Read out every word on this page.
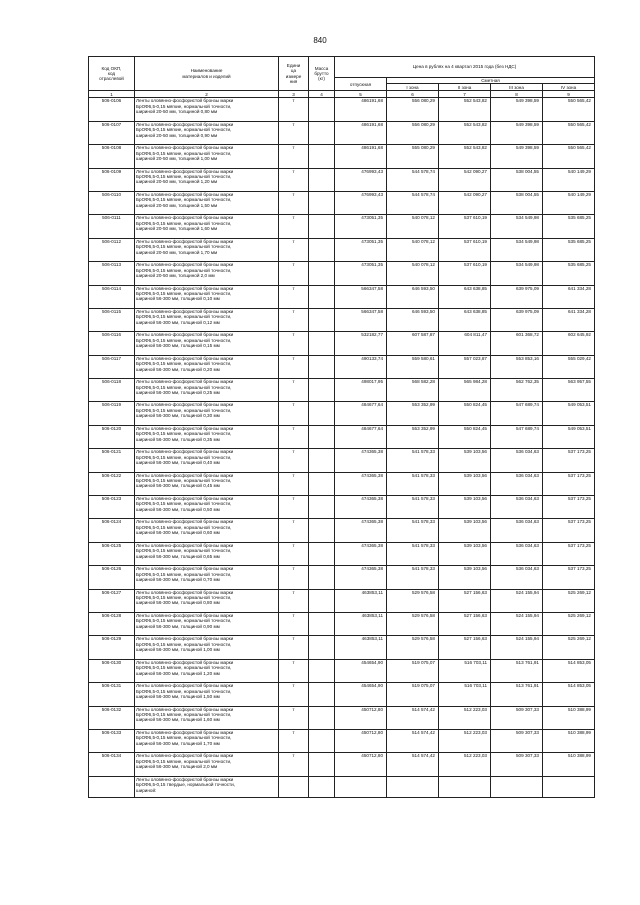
840
Код ОКП,
код
отраслевой	Наименование
материалов и изделий	Едини
ца
измере
ния	Масса
брутто
(кг)	Цена в рублях на 4 квартал 2015 года (без НДС)				
				отпускная	Сметная			
					I зона	II зона	III зона	IV зона
1	2	3	4	5	6	7	8	9
506-0106	Ленты оловянно-фосфористой бронзы марки
БрОФ6,5-0,15 мягкие, нормальной точности,
шириной 20-50 мм, толщиной 0,80 мм	т		486191,68	556 080,29	552 543,82	549 398,59	550 565,42
506-0107	Ленты оловянно-фосфористой бронзы марки
БрОФ6,5-0,15 мягкие, нормальной точности,
шириной 20-50 мм, толщиной 0,90 мм	т		486191,68	556 080,29	552 543,82	549 398,59	550 565,42
506-0108	Ленты оловянно-фосфористой бронзы марки
БрОФ6,5-0,15 мягкие, нормальной точности,
шириной 20-50 мм, толщиной 1,00 мм	т		486191,68	555 080,29	552 543,82	549 398,59	550 565,42
506-0109	Ленты оловянно-фосфористой бронзы марки
БрОФ6,5-0,15 мягкие, нормальной точности,
шириной 20-50 мм, толщиной 1,20 мм	т		476993,43	544 578,74	542 090,27	538 004,55	540 149,29
506-0110	Ленты оловянно-фосфористой бронзы марки
БрОФ6,5-0,15 мягкие, нормальной точности,
шириной 20-50 мм, толщиной 1,50 мм	т		476993,43	544 578,74	542 090,27	538 004,55	540 149,29
506-0111	Ленты оловянно-фосфористой бронзы марки
БрОФ6,5-0,15 мягкие, нормальной точности,
шириной 20-50 мм, толщиной 1,60 мм	т		473051,35	540 078,12	537 610,19	534 549,98	535 685,25
506-0112	Ленты оловянно-фосфористой бронзы марки
БрОФ6,5-0,15 мягкие, нормальной точности,
шириной 20-50 мм, толщиной 1,70 мм	т		473051,35	540 078,12	537 610,19	534 549,98	535 685,25
506-0113	Ленты оловянно-фосфористой бронзы марки
БрОФ6,5-0,15 мягкие, нормальной точности,
шириной 20-50 мм, толщиной 2,0 мм	т		473051,35	540 078,12	537 610,19	534 549,98	535 685,25
506-0114	Ленты оловянно-фосфористой бронзы марки
БрОФ6,5-0,15 мягкие, нормальной точности,
шириной 56-300 мм, толщиной 0,10 мм	т		566347,58	646 593,50	643 638,85	639 975,09	641 334,28
506-0115	Ленты оловянно-фосфористой бронзы марки
БрОФ6,5-0,15 мягкие, нормальной точности,
шириной 56-300 мм, толщиной 0,12 мм	т		566347,58	646 593,50	643 638,85	639 975,09	641 334,28
506-0116	Ленты оловянно-фосфористой бронзы марки
БрОФ6,5-0,15 мягкие, нормальной точности,
шириной 56-300 мм, толщиной 0,15 мм	т		532182,77	607 587,87	604 811,47	601 368,72	602 645,92
506-0117	Ленты оловянно-фосфористой бронзы марки
БрОФ6,5-0,15 мягкие, нормальной точности,
шириной 56-300 мм, толщиной 0,20 мм	т		490133,74	559 580,61	557 023,87	553 853,16	555 029,42
506-0118	Ленты оловянно-фосфористой бронзы марки
БрОФ6,5-0,15 мягкие, нормальной точности,
шириной 56-300 мм, толщиной 0,25 мм	т		498017,95	568 582,28	565 984,28	562 762,35	563 957,55
506-0119	Ленты оловянно-фосфористой бронзы марки
БрОФ6,5-0,15 мягкие, нормальной точности,
шириной 56-300 мм, толщиной 0,30 мм	т		484677,64	553 352,99	550 824,45	547 689,74	549 053,51
506-0120	Ленты оловянно-фосфористой бронзы марки
БрОФ6,5-0,15 мягкие, нормальной точности,
шириной 56-300 мм, толщиной 0,35 мм	т		484677,64	553 352,99	550 824,45	547 689,74	549 053,51
506-0121	Ленты оловянно-фосфористой бронзы марки
БрОФ6,5-0,15 мягкие, нормальной точности,
шириной 56-300 мм, толщиной 0,40 мм	т		474365,38	541 578,33	539 103,56	536 034,63	537 173,25
506-0122	Ленты оловянно-фосфористой бронзы марки
БрОФ6,5-0,15 мягкие, нормальной точности,
шириной 56-300 мм, толщиной 0,45 мм	т		474365,38	541 578,33	539 103,56	536 034,63	537 173,25
506-0123	Ленты оловянно-фосфористой бронзы марки
БрОФ6,5-0,15 мягкие, нормальной точности,
шириной 56-300 мм, толщиной 0,50 мм	т		474365,38	541 578,33	539 103,56	536 034,63	537 173,25
506-0124	Ленты оловянно-фосфористой бронзы марки
БрОФ6,5-0,15 мягкие, нормальной точности,
шириной 56-300 мм, толщиной 0,60 мм	т		474365,38	541 578,33	539 103,56	536 034,63	537 173,25
506-0125	Ленты оловянно-фосфористой бронзы марки
БрОФ6,5-0,15 мягкие, нормальной точности,
шириной 56-300 мм, толщиной 0,65 мм	т		474365,38	541 578,33	539 103,56	536 034,63	537 173,25
506-0126	Ленты оловянно-фосфористой бронзы марки
БрОФ6,5-0,15 мягкие, нормальной точности,
шириной 56-300 мм, толщиной 0,70 мм	т		474365,38	541 578,33	539 103,56	536 034,63	537 173,25
506-0127	Ленты оловянно-фосфористой бронзы марки
БрОФ6,5-0,15 мягкие, нормальной точности,
шириной 56-300 мм, толщиной 0,80 мм	т		463853,11	529 576,58	527 156,63	524 155,94	525 269,12
506-0128	Ленты оловянно-фосфористой бронзы марки
БрОФ6,5-0,15 мягкие, нормальной точности,
шириной 56-300 мм, толщиной 0,90 мм	т		463853,11	529 576,58	527 156,63	524 155,94	525 269,12
506-0129	Ленты оловянно-фосфористой бронзы марки
БрОФ6,5-0,15 мягкие, нормальной точности,
шириной 56-300 мм, толщиной 1,00 мм	т		463853,11	529 576,58	527 156,63	524 155,94	525 269,12
506-0130	Ленты оловянно-фосфористой бронзы марки
БрОФ6,5-0,15 мягкие, нормальной точности,
шириной 56-300 мм, толщиной 1,20 мм	т		454654,90	519 075,07	516 703,11	513 761,91	514 853,05
506-0131	Ленты оловянно-фосфористой бронзы марки
БрОФ6,5-0,15 мягкие, нормальной точности,
шириной 56-300 мм, толщиной 1,50 мм	т		454654,90	519 075,07	516 703,11	513 761,91	514 853,05
506-0132	Ленты оловянно-фосфористой бронзы марки
БрОФ6,5-0,15 мягкие, нормальной точности,
шириной 56-300 мм, толщиной 1,60 мм	т		450712,80	514 574,42	512 223,03	509 307,33	510 388,99
506-0133	Ленты оловянно-фосфористой бронзы марки
БрОФ6,5-0,15 мягкие, нормальной точности,
шириной 56-300 мм, толщиной 1,70 мм	т		450712,80	514 574,42	512 223,03	509 307,33	510 388,99
506-0134	Ленты оловянно-фосфористой бронзы марки
БрОФ6,5-0,15 мягкие, нормальной точности,
шириной 56-300 мм, толщиной 2,0 мм	т		450712,80	514 574,42	512 223,03	509 307,33	510 388,99
	Ленты оловянно-фосфористой бронзы марки
БрОФ6,5-0,15 твердые, нормальной точности,
шириной:							
